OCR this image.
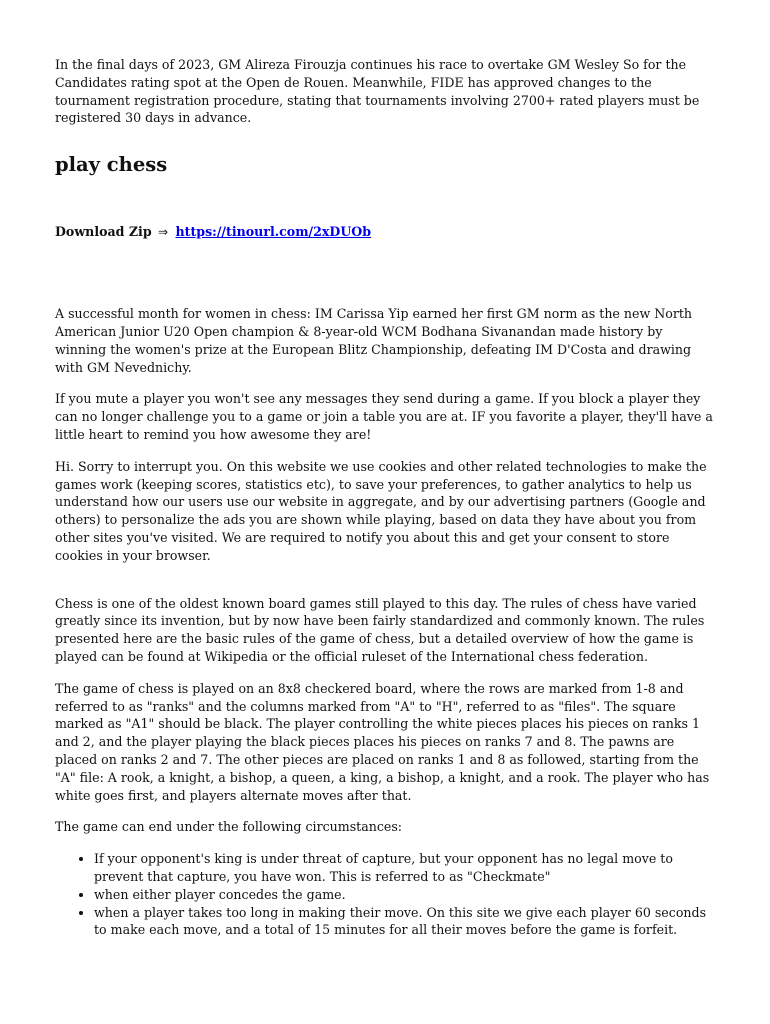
In the final days of 2023, GM Alireza Firouzja continues his race to overtake GM Wesley So for the Candidates rating spot at the Open de Rouen. Meanwhile, FIDE has approved changes to the tournament registration procedure, stating that tournaments involving 2700+ rated players must be registered 30 days in advance.

play chess
Download Zip ⇒ https://tinourl.com/2xDUOb

A successful month for women in chess: IM Carissa Yip earned her first GM norm as the new North American Junior U20 Open champion & 8-year-old WCM Bodhana Sivanandan made history by winning the women's prize at the European Blitz Championship, defeating IM D'Costa and drawing with GM Nevednichy.

If you mute a player you won't see any messages they send during a game. If you block a player they can no longer challenge you to a game or join a table you are at. IF you favorite a player, they'll have a little heart to remind you how awesome they are!

Hi. Sorry to interrupt you. On this website we use cookies and other related technologies to make the games work (keeping scores, statistics etc), to save your preferences, to gather analytics to help us understand how our users use our website in aggregate, and by our advertising partners (Google and others) to personalize the ads you are shown while playing, based on data they have about you from other sites you've visited. We are required to notify you about this and get your consent to store cookies in your browser.

Chess is one of the oldest known board games still played to this day. The rules of chess have varied greatly since its invention, but by now have been fairly standardized and commonly known. The rules presented here are the basic rules of the game of chess, but a detailed overview of how the game is played can be found at Wikipedia or the official ruleset of the International chess federation.

The game of chess is played on an 8x8 checkered board, where the rows are marked from 1-8 and referred to as "ranks" and the columns marked from "A" to "H", referred to as "files". The square marked as "A1" should be black. The player controlling the white pieces places his pieces on ranks 1 and 2, and the player playing the black pieces places his pieces on ranks 7 and 8. The pawns are placed on ranks 2 and 7. The other pieces are placed on ranks 1 and 8 as followed, starting from the "A" file: A rook, a knight, a bishop, a queen, a king, a bishop, a knight, and a rook. The player who has white goes first, and players alternate moves after that.

The game can end under the following circumstances:

• If your opponent's king is under threat of capture, but your opponent has no legal move to prevent that capture, you have won. This is referred to as "Checkmate"
• when either player concedes the game.
• when a player takes too long in making their move. On this site we give each player 60 seconds to make each move, and a total of 15 minutes for all their moves before the game is forfeit.
